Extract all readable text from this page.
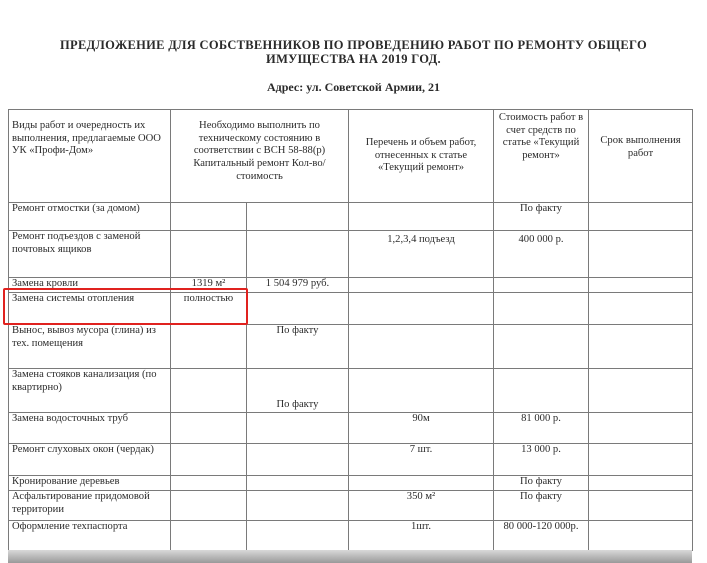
ПРЕДЛОЖЕНИЕ ДЛЯ СОБСТВЕННИКОВ ПО ПРОВЕДЕНИЮ РАБОТ ПО РЕМОНТУ ОБЩЕГО
ИМУЩЕСТВА НА 2019 ГОД.
Адрес: ул. Советской Армии, 21
Виды работ и очередность их выполнения, предлагаемые ООО УК «Профи-Дом»	Необходимо выполнить по техническому состоянию в соответствии с ВСН 58-88(р) Капитальный ремонт Кол-во/стоимость		Перечень и объем работ, отнесенных к статье «Текущий ремонт»	Стоимость работ в счет средств по статье «Текущий ремонт»	Срок выполнения работ
Ремонт отмостки (за домом)				По факту	
Ремонт подъездов с заменой почтовых ящиков			1,2,3,4 подъезд	400 000 р.	
Замена кровли	1319 м²	1 504 979 руб.			
Замена системы отопления	полностью				
Вынос, вывоз мусора (глина) из тех. помещения		По факту			
Замена стояков канализация (по квартирно)		По факту			
Замена водосточных труб			90м	81 000 р.	
Ремонт слуховых окон (чердак)			7 шт.	13 000 р.	
Кронирование деревьев				По факту	
Асфальтирование придомовой территории			350 м²	По факту	
Оформление техпаспорта			1шт.	80 000-120 000р.	
